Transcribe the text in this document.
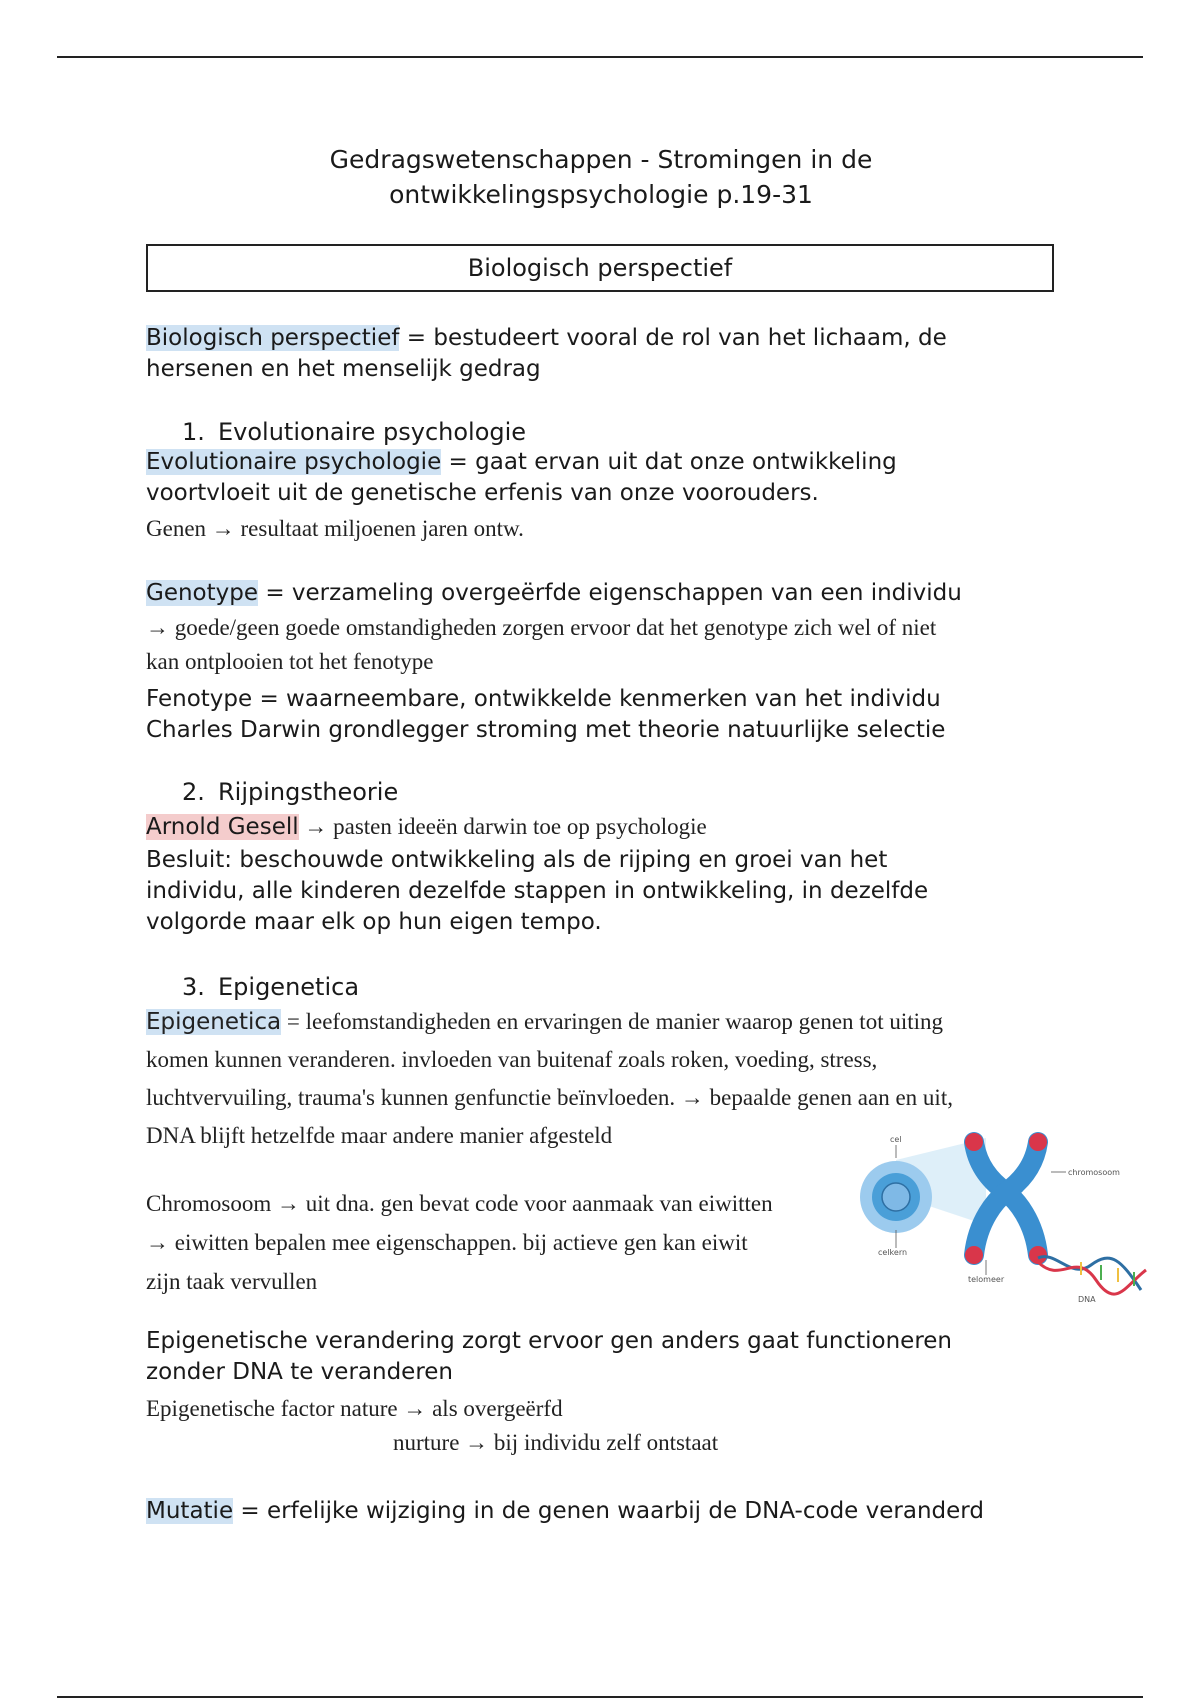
Gedragswetenschappen - Stromingen in de
ontwikkelingspsychologie p.19-31
Biologisch perspectief
Biologisch perspectief = bestudeert vooral de rol van het lichaam, de
hersenen en het menselijk gedrag
1. Evolutionaire psychologie
Evolutionaire psychologie = gaat ervan uit dat onze ontwikkeling
voortvloeit uit de genetische erfenis van onze voorouders.
Genen → resultaat miljoenen jaren ontw.
Genotype = verzameling overgeërfde eigenschappen van een individu
→ goede/geen goede omstandigheden zorgen ervoor dat het genotype zich wel of niet
kan ontplooien tot het fenotype
Fenotype = waarneembare, ontwikkelde kenmerken van het individu
Charles Darwin grondlegger stroming met theorie natuurlijke selectie
2. Rijpingstheorie
Arnold Gesell → pasten ideeën darwin toe op psychologie
Besluit: beschouwde ontwikkeling als de rijping en groei van het
individu, alle kinderen dezelfde stappen in ontwikkeling, in dezelfde
volgorde maar elk op hun eigen tempo.
3. Epigenetica
Epigenetica = leefomstandigheden en ervaringen de manier waarop genen tot uiting
komen kunnen veranderen. invloeden van buitenaf zoals roken, voeding, stress,
luchtvervuiling, trauma's kunnen genfunctie beïnvloeden. → bepaalde genen aan en uit,
DNA blijft hetzelfde maar andere manier afgesteld
Chromosoom → uit dna. gen bevat code voor aanmaak van eiwitten
→ eiwitten bepalen mee eigenschappen. bij actieve gen kan eiwit
zijn taak vervullen
Epigenetische verandering zorgt ervoor gen anders gaat functioneren
zonder DNA te veranderen
Epigenetische factor nature → als overgeërfd
nurture → bij individu zelf ontstaat
Mutatie = erfelijke wijziging in de genen waarbij de DNA-code veranderd
cel
celkern
chromosoom
telomeer
DNA
